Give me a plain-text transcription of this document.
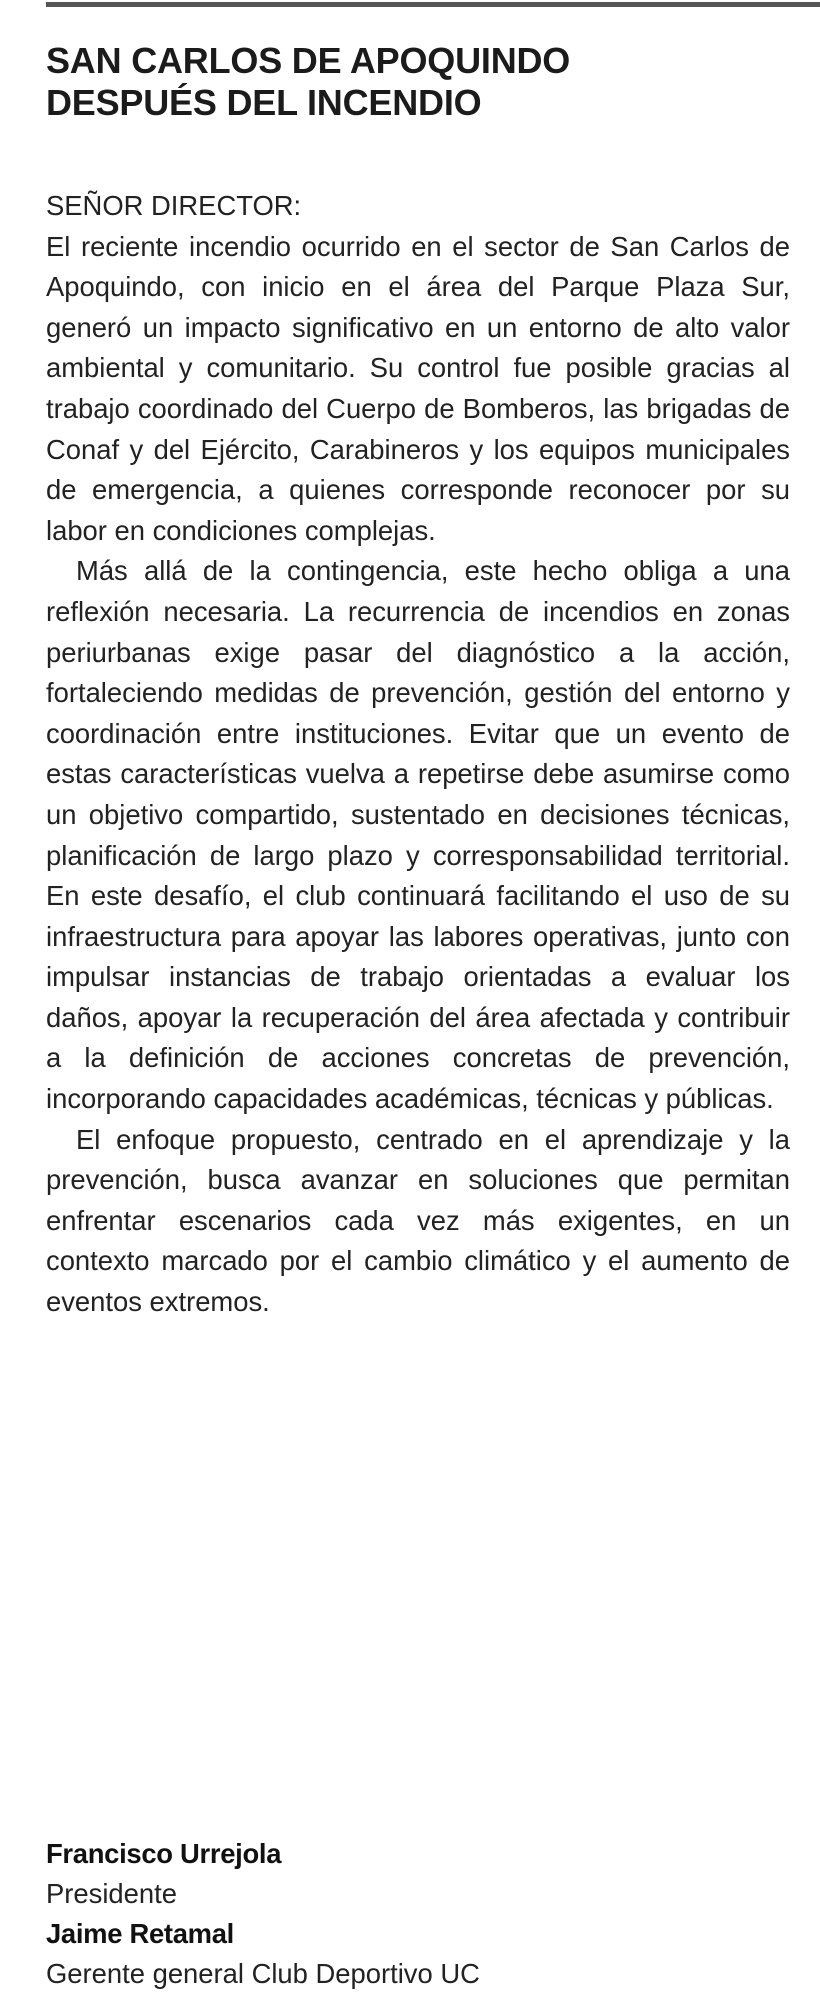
SAN CARLOS DE APOQUINDO
DESPUÉS DEL INCENDIO
SEÑOR DIRECTOR:

El reciente incendio ocurrido en el sector de San Carlos de Apoquindo, con inicio en el área del Parque Plaza Sur, generó un impacto significativo en un entorno de alto valor ambiental y comunitario. Su control fue posible gracias al trabajo coordinado del Cuerpo de Bomberos, las brigadas de Conaf y del Ejército, Carabineros y los equipos municipales de emergencia, a quienes corresponde reconocer por su labor en condiciones complejas.

Más allá de la contingencia, este hecho obliga a una reflexión necesaria. La recurrencia de incendios en zonas periurbanas exige pasar del diagnóstico a la acción, fortaleciendo medidas de prevención, gestión del entorno y coordinación entre instituciones. Evitar que un evento de estas características vuelva a repetirse debe asumirse como un objetivo compartido, sustentado en decisiones técnicas, planificación de largo plazo y corresponsabilidad territorial. En este desafío, el club continuará facilitando el uso de su infraestructura para apoyar las labores operativas, junto con impulsar instancias de trabajo orientadas a evaluar los daños, apoyar la recuperación del área afectada y contribuir a la definición de acciones concretas de prevención, incorporando capacidades académicas, técnicas y públicas.

El enfoque propuesto, centrado en el aprendizaje y la prevención, busca avanzar en soluciones que permitan enfrentar escenarios cada vez más exigentes, en un contexto marcado por el cambio climático y el aumento de eventos extremos.

Francisco Urrejola
Presidente
Jaime Retamal
Gerente general Club Deportivo UC
